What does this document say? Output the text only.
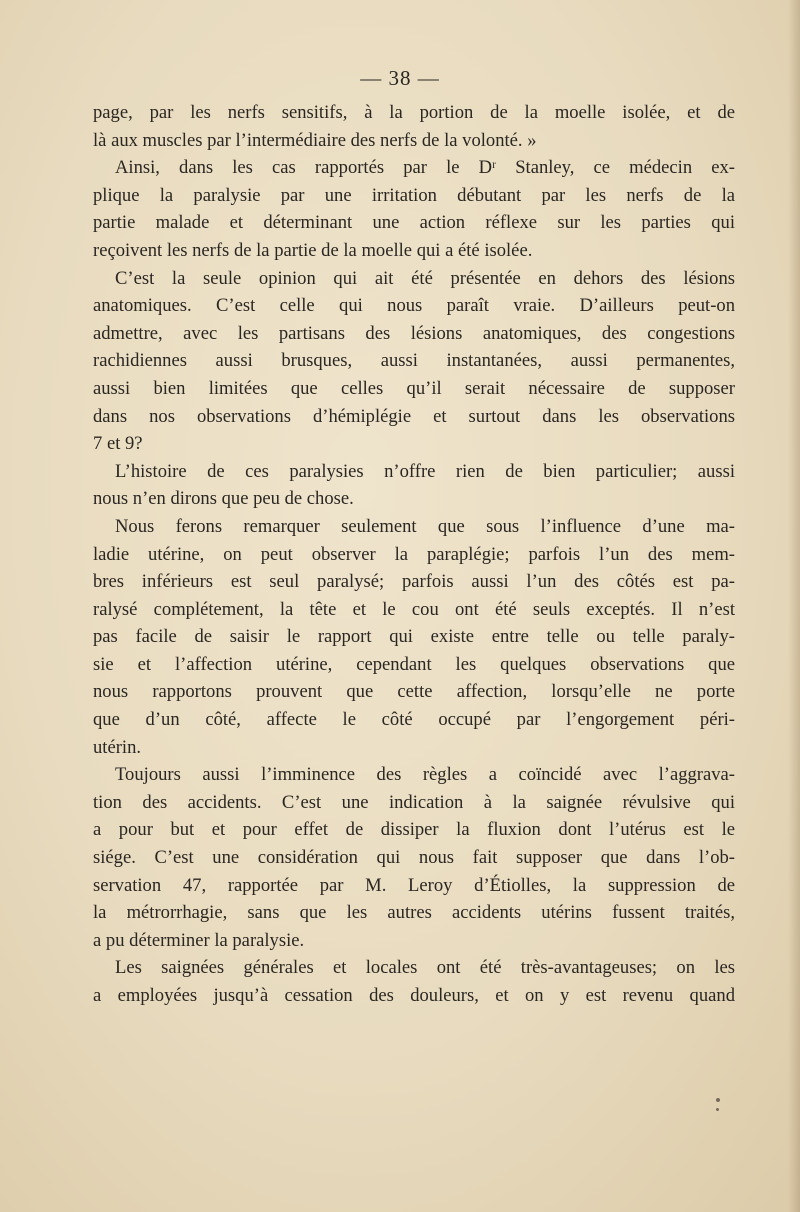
— 38 —
page, par les nerfs sensitifs, à la portion de la moelle isolée, et de
là aux muscles par l’intermédiaire des nerfs de la volonté. »
Ainsi, dans les cas rapportés par le Dʳ Stanley, ce médecin ex-
plique la paralysie par une irritation débutant par les nerfs de la
partie malade et déterminant une action réflexe sur les parties qui
reçoivent les nerfs de la partie de la moelle qui a été isolée.
C’est la seule opinion qui ait été présentée en dehors des lésions
anatomiques. C’est celle qui nous paraît vraie. D’ailleurs peut-on
admettre, avec les partisans des lésions anatomiques, des congestions
rachidiennes aussi brusques, aussi instantanées, aussi permanentes,
aussi bien limitées que celles qu’il serait nécessaire de supposer
dans nos observations d’hémiplégie et surtout dans les observations
7 et 9?
L’histoire de ces paralysies n’offre rien de bien particulier; aussi
nous n’en dirons que peu de chose.
Nous ferons remarquer seulement que sous l’influence d’une ma-
ladie utérine, on peut observer la paraplégie; parfois l’un des mem-
bres inférieurs est seul paralysé; parfois aussi l’un des côtés est pa-
ralysé complétement, la tête et le cou ont été seuls exceptés. Il n’est
pas facile de saisir le rapport qui existe entre telle ou telle paraly-
sie et l’affection utérine, cependant les quelques observations que
nous rapportons prouvent que cette affection, lorsqu’elle ne porte
que d’un côté, affecte le côté occupé par l’engorgement péri-
utérin.
Toujours aussi l’imminence des règles a coïncidé avec l’aggrava-
tion des accidents. C’est une indication à la saignée révulsive qui
a pour but et pour effet de dissiper la fluxion dont l’utérus est le
siége. C’est une considération qui nous fait supposer que dans l’ob-
servation 47, rapportée par M. Leroy d’Étiolles, la suppression de
la métrorrhagie, sans que les autres accidents utérins fussent traités,
a pu déterminer la paralysie.
Les saignées générales et locales ont été très-avantageuses; on les
a employées jusqu’à cessation des douleurs, et on y est revenu quand
